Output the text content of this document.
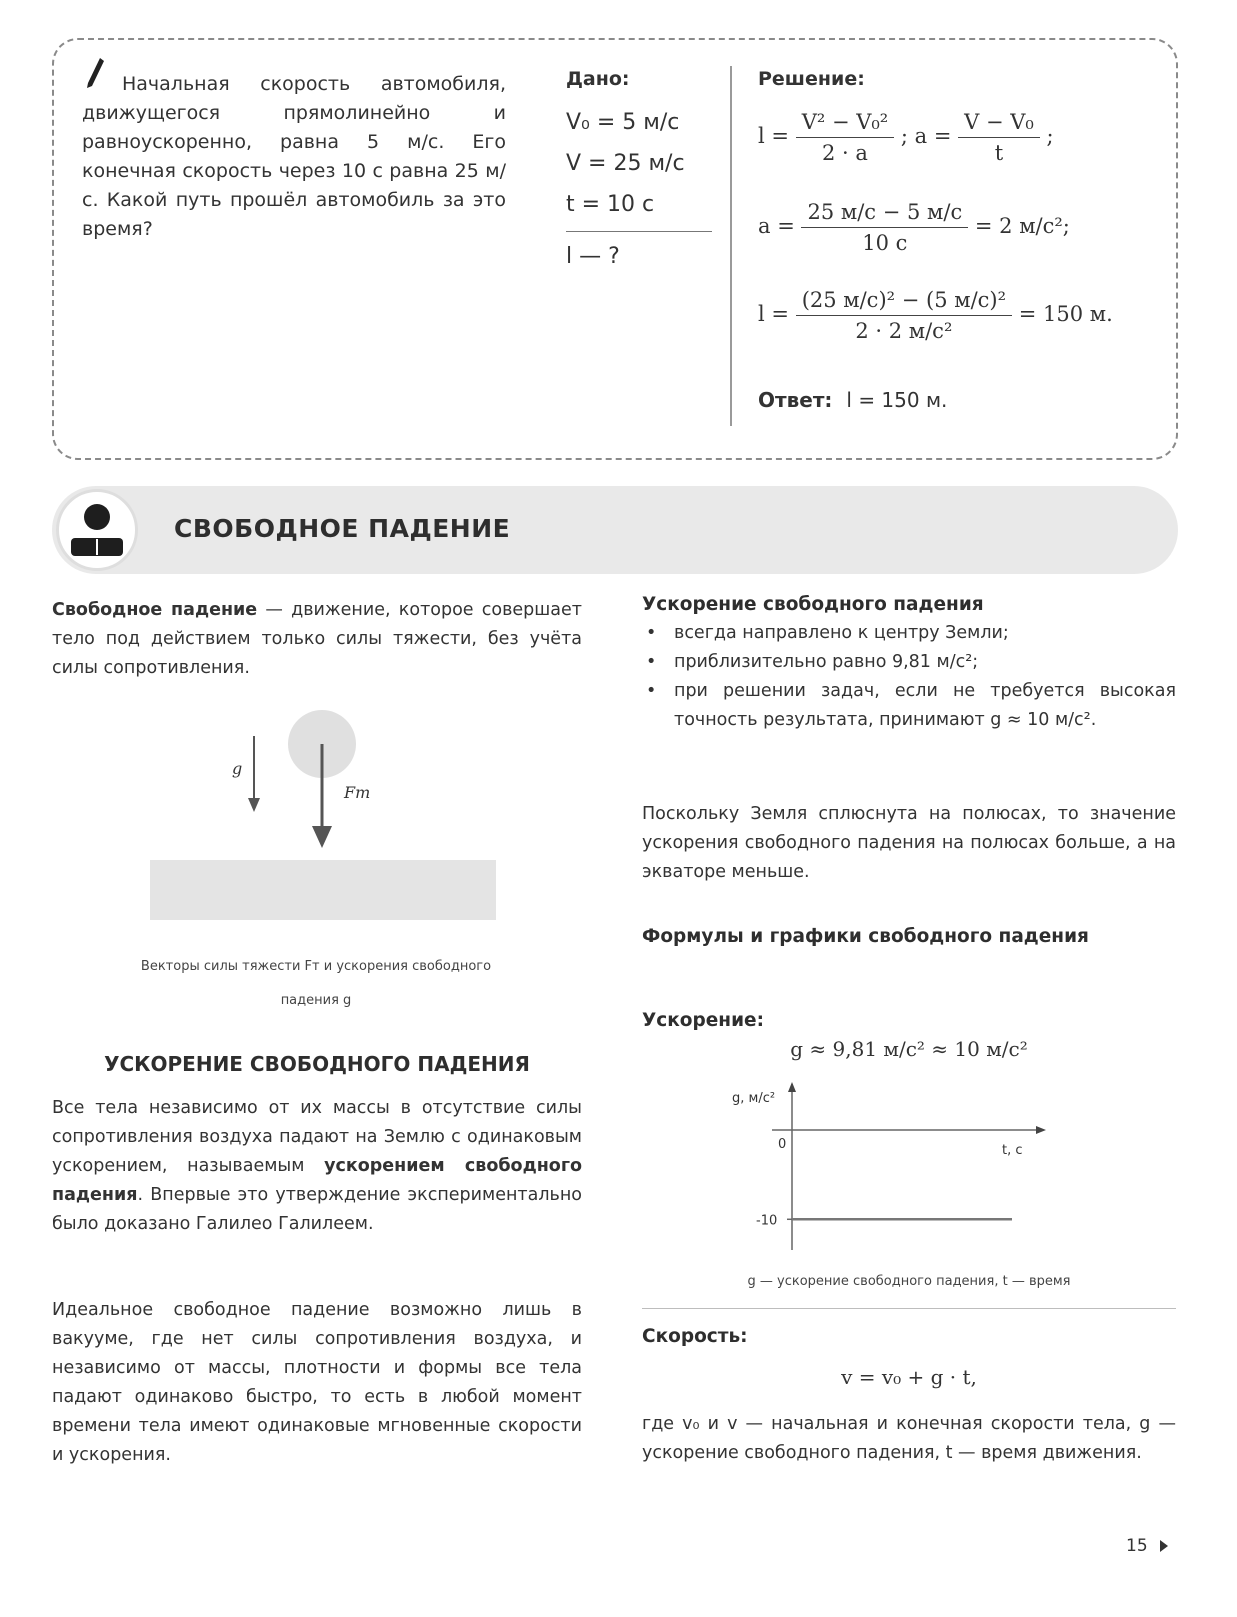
Начальная скорость автомобиля, движущегося прямолинейно и равноускоренно, равна 5 м/с. Его конечная скорость через 10 с равна 25 м/с. Какой путь прошёл автомобиль за это время?
Дано:
V₀ = 5 м/с
V = 25 м/с
t = 10 с
l — ?
Решение:
$l = \frac{\text{V² − V₀²}}{2 \cdot a}$ ; $a = \frac{\text{V − V₀}}{t}$ ;
$a = \frac{25 м/с - 5 м/с}{10 с} = 2$ м/с²;
$l = \frac{\text{(25 м/с)² − (5 м/с)²}}{\text{2 · 2 м/с²}} = 150$ м.
Ответ: l = 150 м.
СВОБОДНОЕ ПАДЕНИЕ
Свободное падение — движение, которое совершает тело под действием только силы тяжести, без учёта силы сопротивления.
g
Fт
Векторы силы тяжести Fт и ускорения свободного
падения g
УСКОРЕНИЕ СВОБОДНОГО ПАДЕНИЯ
Все тела независимо от их массы в отсутствие силы сопротивления воздуха падают на Землю с одинаковым ускорением, называемым ускорением свободного падения. Впервые это утверждение экспериментально было доказано Галилео Галилеем.
Идеальное свободное падение возможно лишь в вакууме, где нет силы сопротивления воздуха, и независимо от массы, плотности и формы все тела падают одинаково быстро, то есть в любой момент времени тела имеют одинаковые мгновенные скорости и ускорения.
Ускорение свободного падения
• всегда направлено к центру Земли;
• приблизительно равно 9,81 м/с²;
• при решении задач, если не требуется высокая точность результата, принимают g ≈ 10 м/с².
Поскольку Земля сплюснута на полюсах, то значение ускорения свободного падения на полюсах больше, а на экваторе меньше.
Формулы и графики свободного падения
Ускорение:
g ≈ 9,81 м/с² ≈ 10 м/с²
g, м/с²
t, с
0
-10
g — ускорение свободного падения, t — время
Скорость:
v = v₀ + g · t,
где v₀ и v — начальная и конечная скорости тела, g — ускорение свободного падения, t — время движения.
15
